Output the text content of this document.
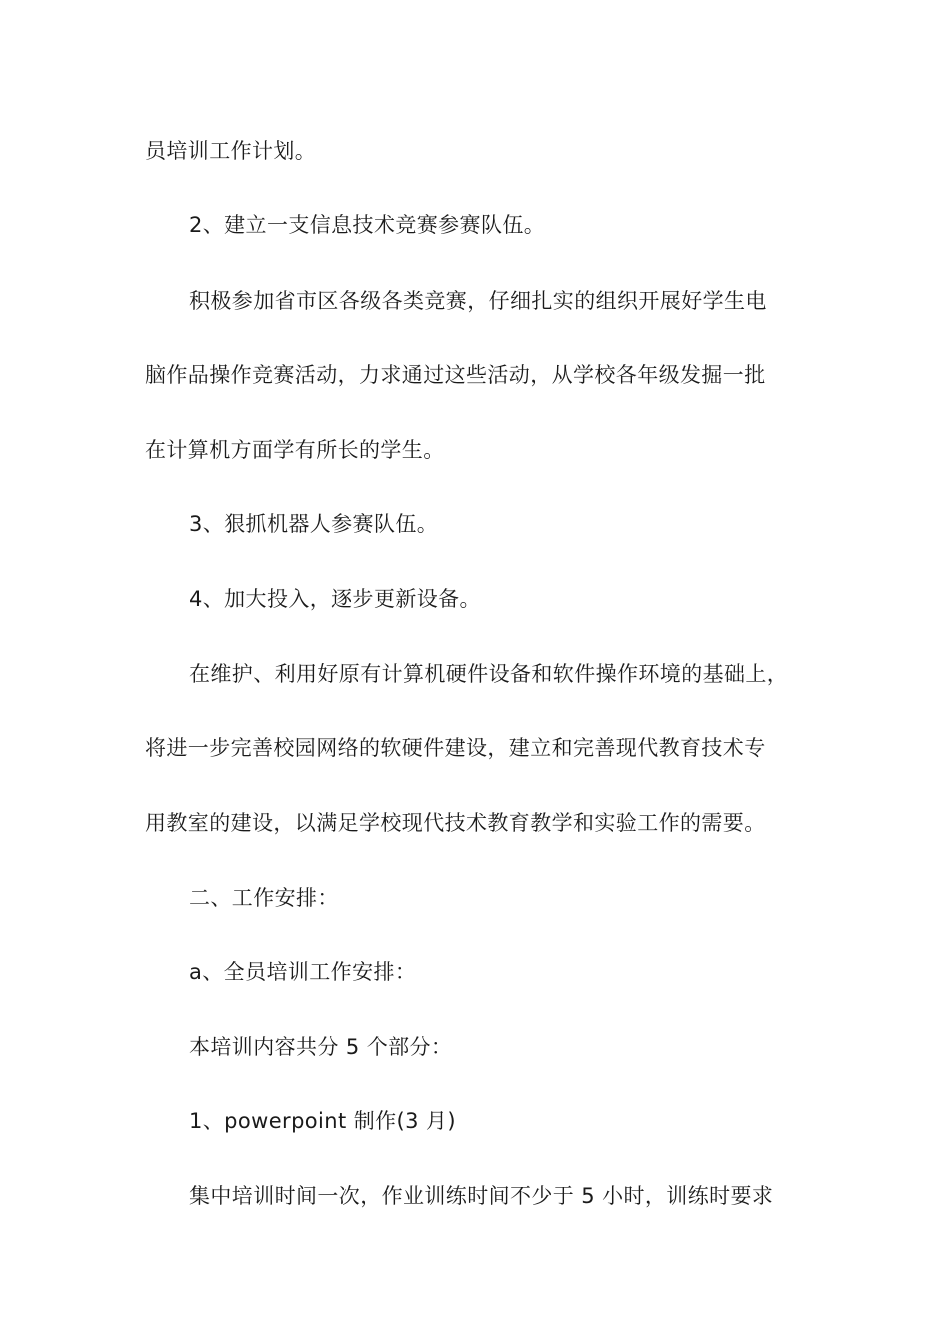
员培训工作计划。
2、建立一支信息技术竞赛参赛队伍。
积极参加省市区各级各类竞赛，仔细扎实的组织开展好学生电
脑作品操作竞赛活动，力求通过这些活动，从学校各年级发掘一批
在计算机方面学有所长的学生。
3、狠抓机器人参赛队伍。
4、加大投入，逐步更新设备。
在维护、利用好原有计算机硬件设备和软件操作环境的基础上，
将进一步完善校园网络的软硬件建设，建立和完善现代教育技术专
用教室的建设，以满足学校现代技术教育教学和实验工作的需要。
二、工作安排：
a、全员培训工作安排：
本培训内容共分 5 个部分：
1、powerpoint 制作(3 月)
集中培训时间一次，作业训练时间不少于 5 小时，训练时要求
